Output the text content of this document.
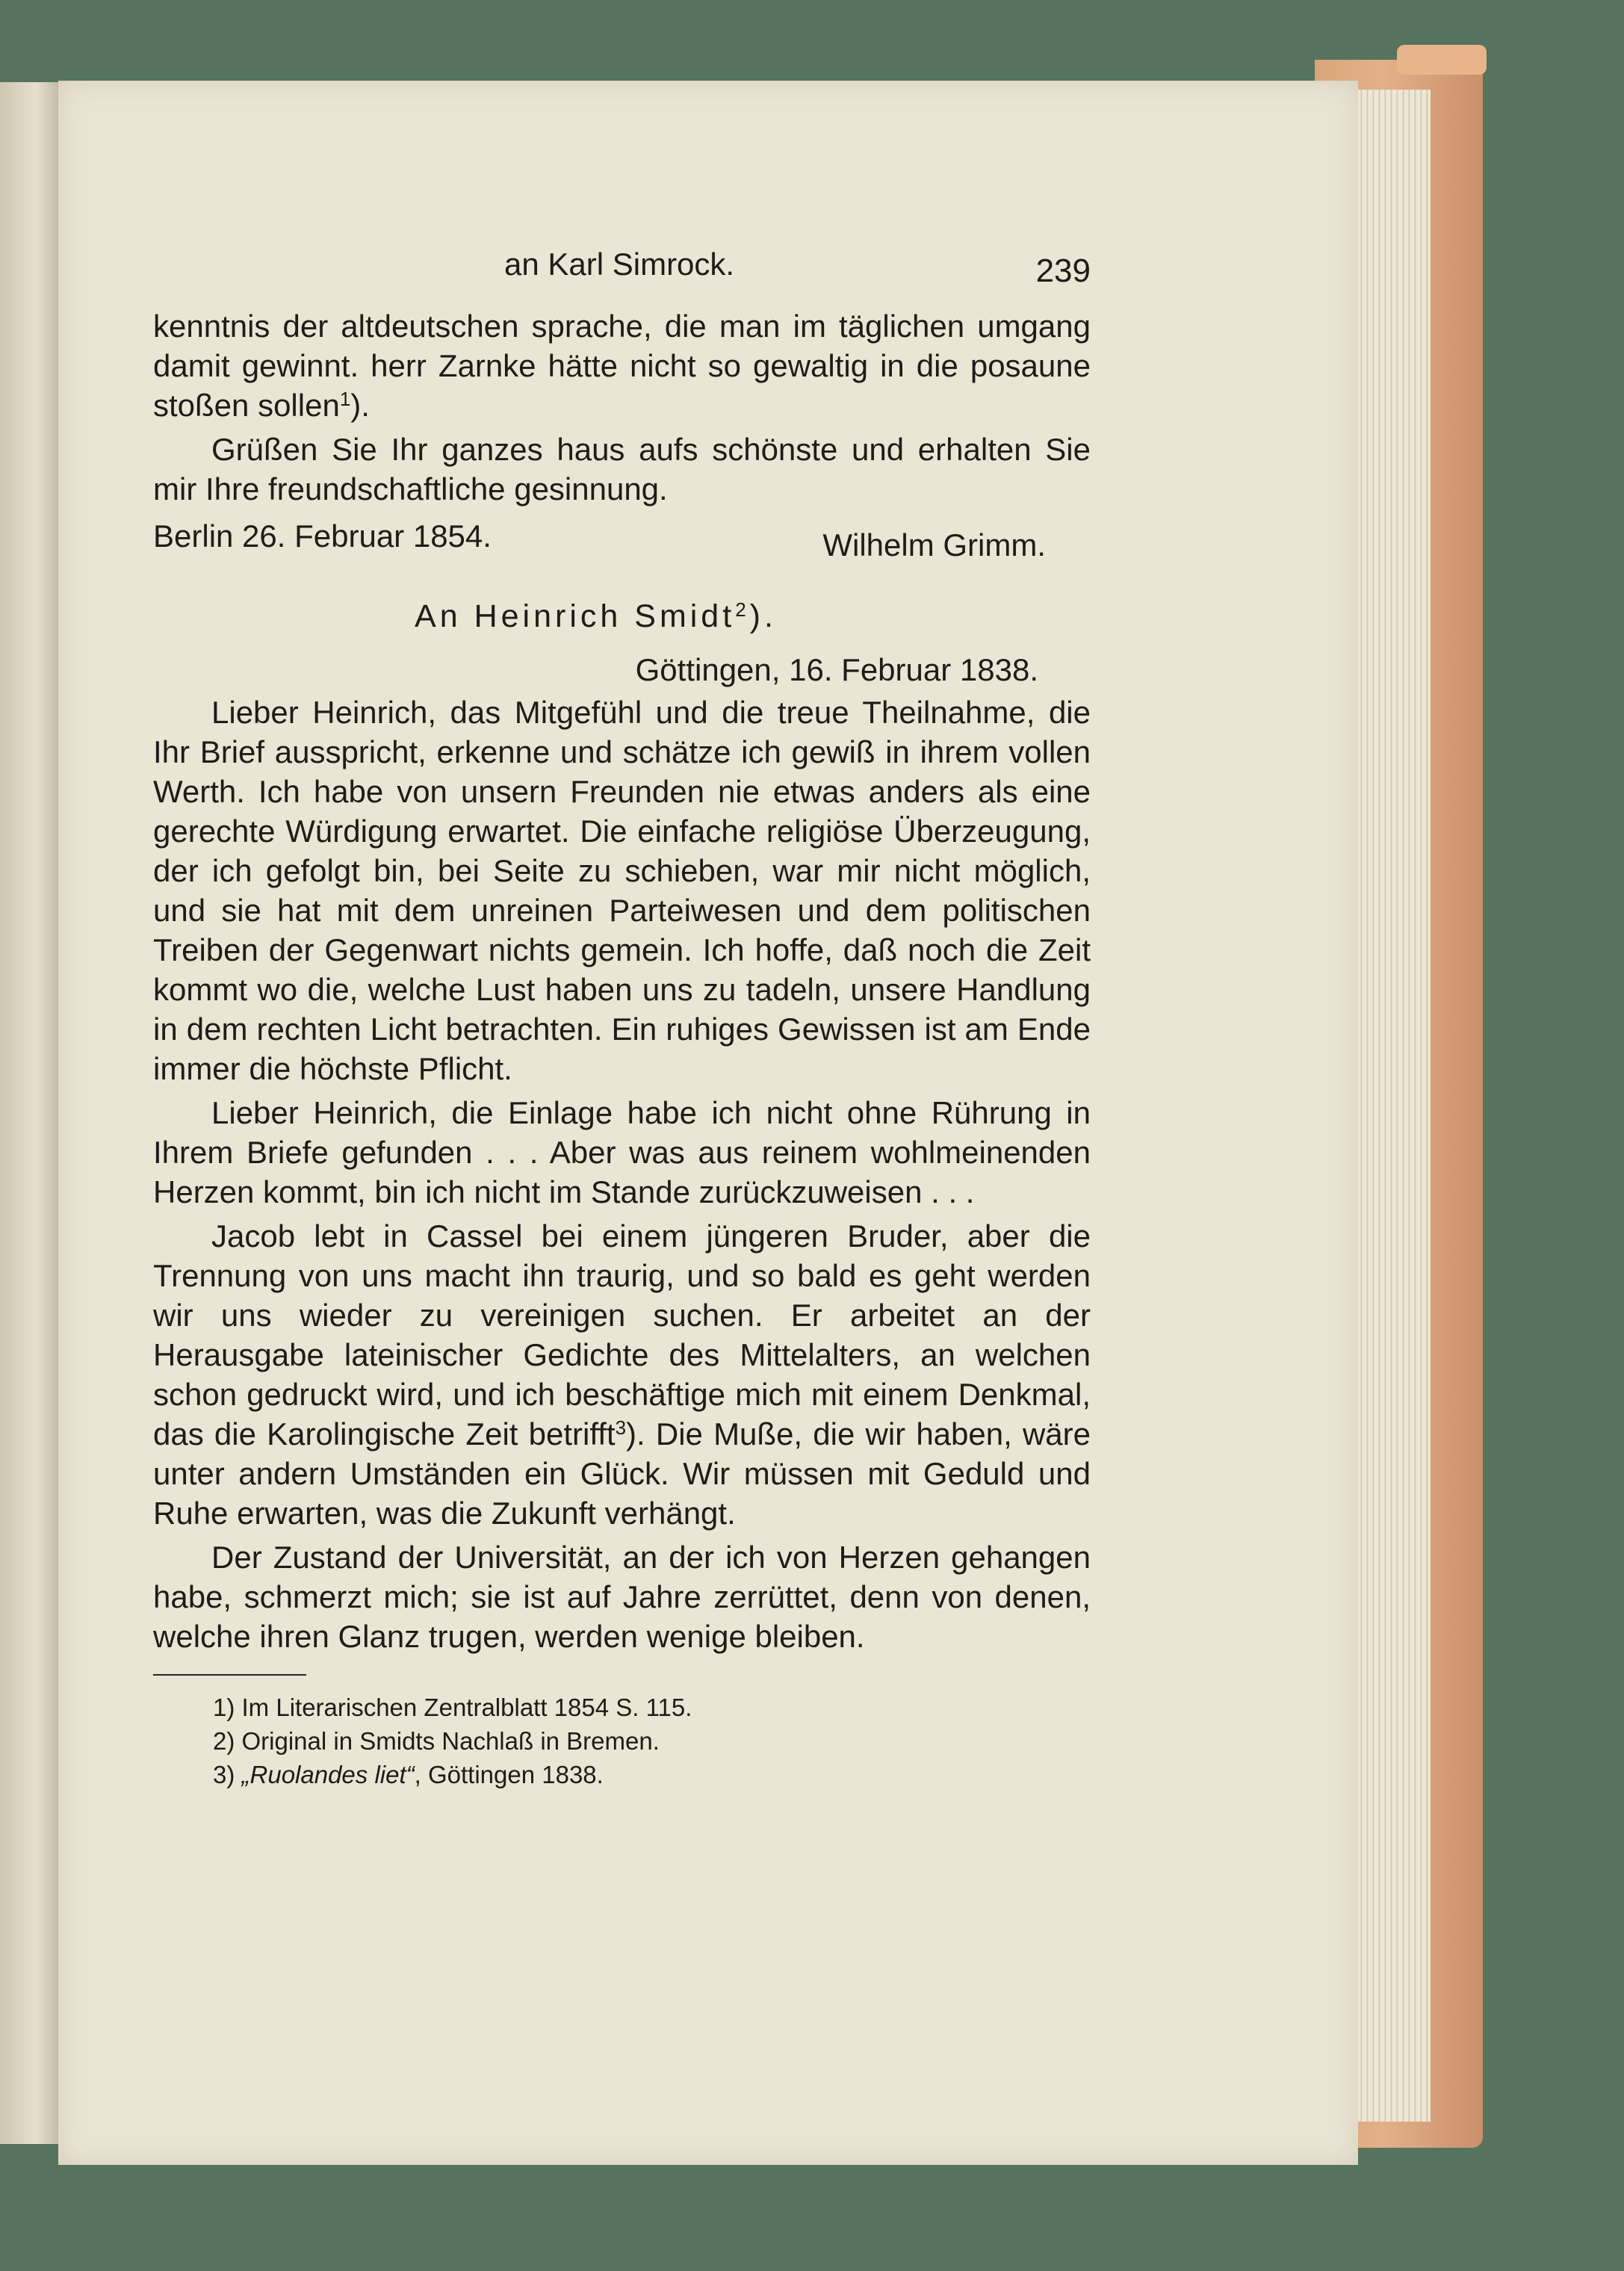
an Karl Simrock.	239

kenntnis der altdeutschen sprache, die man im täglichen umgang damit gewinnt. herr Zarnke hätte nicht so gewaltig in die posaune stoßen sollen$^1$).

Grüßen Sie Ihr ganzes haus aufs schönste und erhalten Sie mir Ihre freundschaftliche gesinnung.

Berlin 26. Februar 1854.	Wilhelm Grimm.
An Heinrich Smidt$^2$).
Göttingen, 16. Februar 1838.

Lieber Heinrich, das Mitgefühl und die treue Theilnahme, die Ihr Brief ausspricht, erkenne und schätze ich gewiß in ihrem vollen Werth. Ich habe von unsern Freunden nie etwas anders als eine gerechte Würdigung erwartet. Die einfache religiöse Überzeugung, der ich gefolgt bin, bei Seite zu schieben, war mir nicht möglich, und sie hat mit dem unreinen Parteiwesen und dem politischen Treiben der Gegenwart nichts gemein. Ich hoffe, daß noch die Zeit kommt wo die, welche Lust haben uns zu tadeln, unsere Handlung in dem rechten Licht betrachten. Ein ruhiges Gewissen ist am Ende immer die höchste Pflicht.

Lieber Heinrich, die Einlage habe ich nicht ohne Rührung in Ihrem Briefe gefunden . . . Aber was aus reinem wohlmeinenden Herzen kommt, bin ich nicht im Stande zurückzuweisen . . .

Jacob lebt in Cassel bei einem jüngeren Bruder, aber die Trennung von uns macht ihn traurig, und so bald es geht werden wir uns wieder zu vereinigen suchen. Er arbeitet an der Herausgabe lateinischer Gedichte des Mittelalters, an welchen schon gedruckt wird, und ich beschäftige mich mit einem Denkmal, das die Karolingische Zeit betrifft$^3$). Die Muße, die wir haben, wäre unter andern Umständen ein Glück. Wir müssen mit Geduld und Ruhe erwarten, was die Zukunft verhängt.

Der Zustand der Universität, an der ich von Herzen gehangen habe, schmerzt mich; sie ist auf Jahre zerrüttet, denn von denen, welche ihren Glanz trugen, werden wenige bleiben.

1) Im Literarischen Zentralblatt 1854 S. 115.
2) Original in Smidts Nachlaß in Bremen.
3) „Ruolandes liet“, Göttingen 1838.
